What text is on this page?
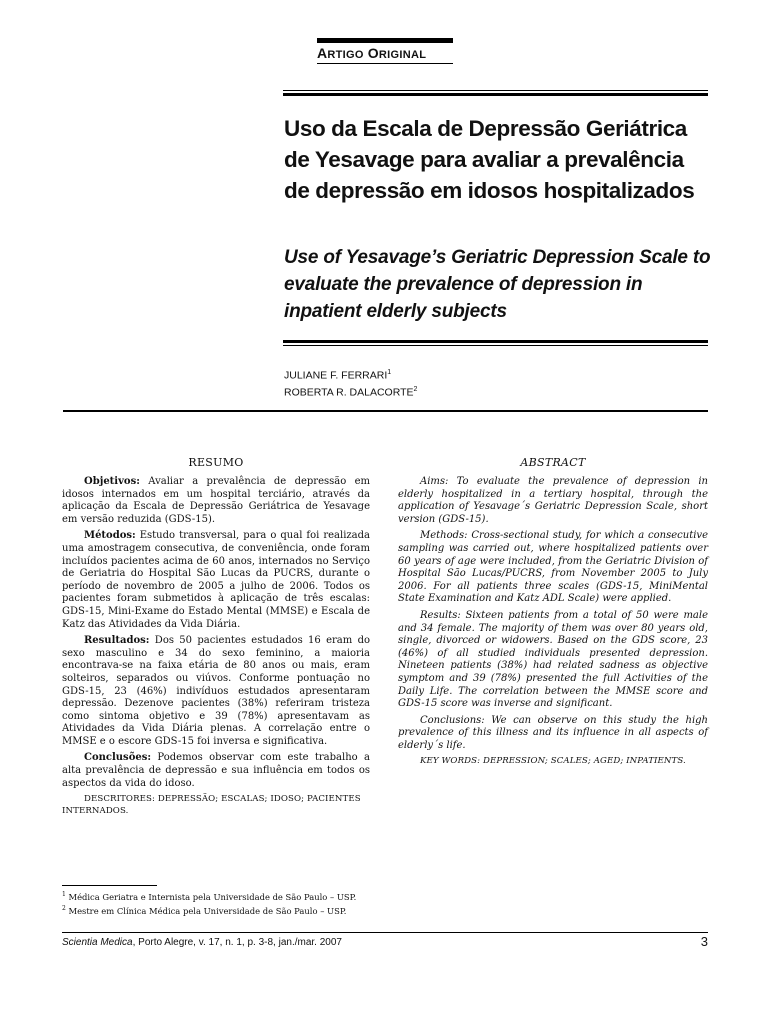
ARTIGO ORIGINAL
Uso da Escala de Depressão Geriátrica de Yesavage para avaliar a prevalência de depressão em idosos hospitalizados
Use of Yesavage’s Geriatric Depression Scale to evaluate the prevalence of depression in inpatient elderly subjects
JULIANE F. FERRARI$^1$
ROBERTA R. DALACORTE$^2$
RESUMO

Objetivos: Avaliar a prevalência de depressão em idosos internados em um hospital terciário, através da aplicação da Escala de Depressão Geriátrica de Yesavage em versão reduzida (GDS-15).

Métodos: Estudo transversal, para o qual foi realizada uma amostragem consecutiva, de conveniência, onde foram incluídos pacientes acima de 60 anos, internados no Serviço de Geriatria do Hospital São Lucas da PUCRS, durante o período de novembro de 2005 a julho de 2006. Todos os pacientes foram submetidos à aplicação de três escalas: GDS-15, Mini-Exame do Estado Mental (MMSE) e Escala de Katz das Atividades da Vida Diária.

Resultados: Dos 50 pacientes estudados 16 eram do sexo masculino e 34 do sexo feminino, a maioria encontrava-se na faixa etária de 80 anos ou mais, eram solteiros, separados ou viúvos. Conforme pontuação no GDS-15, 23 (46%) indivíduos estudados apresentaram depressão. Dezenove pacientes (38%) referiram tristeza como sintoma objetivo e 39 (78%) apresentavam as Atividades da Vida Diária plenas. A correlação entre o MMSE e o escore GDS-15 foi inversa e significativa.

Conclusões: Podemos observar com este trabalho a alta prevalência de depressão e sua influência em todos os aspectos da vida do idoso.

DESCRITORES: DEPRESSÃO; ESCALAS; IDOSO; PACIENTES INTERNADOS.

ABSTRACT

Aims: To evaluate the prevalence of depression in elderly hospitalized in a tertiary hospital, through the application of Yesavage´s Geriatric Depression Scale, short version (GDS-15).

Methods: Cross-sectional study, for which a consecutive sampling was carried out, where hospitalized patients over 60 years of age were included, from the Geriatric Division of Hospital São Lucas/PUCRS, from November 2005 to July 2006. For all patients three scales (GDS-15, MiniMental State Examination and Katz ADL Scale) were applied.

Results: Sixteen patients from a total of 50 were male and 34 female. The majority of them was over 80 years old, single, divorced or widowers. Based on the GDS score, 23 (46%) of all studied individuals presented depression. Nineteen patients (38%) had related sadness as objective symptom and 39 (78%) presented the full Activities of the Daily Life. The correlation between the MMSE score and GDS-15 score was inverse and significant.

Conclusions: We can observe on this study the high prevalence of this illness and its influence in all aspects of elderly´s life.

KEY WORDS: DEPRESSION; SCALES; AGED; INPATIENTS.

$^1$ Médica Geriatra e Internista pela Universidade de São Paulo – USP.
$^2$ Mestre em Clínica Médica pela Universidade de São Paulo – USP.
Scientia Medica, Porto Alegre, v. 17, n. 1, p. 3-8, jan./mar. 2007	3
